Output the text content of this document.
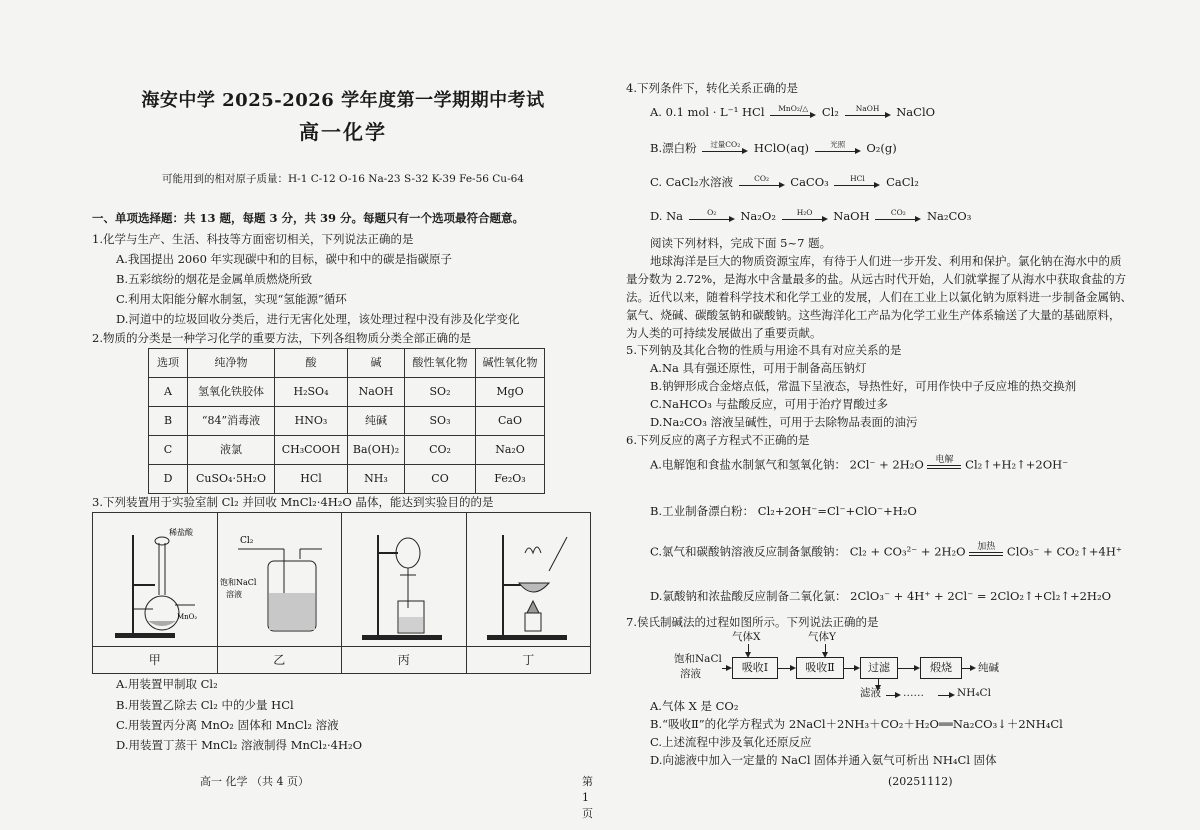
海安中学 2025-2026 学年度第一学期期中考试
高一化学
可能用到的相对原子质量：H-1 C-12 O-16 Na-23 S-32 K-39 Fe-56 Cu-64
一、单项选择题：共 13 题，每题 3 分，共 39 分。每题只有一个选项最符合题意。
1.化学与生产、生活、科技等方面密切相关，下列说法正确的是
A.我国提出 2060 年实现碳中和的目标，碳中和中的碳是指碳原子
B.五彩缤纷的烟花是金属单质燃烧所致
C.利用太阳能分解水制氢，实现“氢能源”循环
D.河道中的垃圾回收分类后，进行无害化处理，该处理过程中没有涉及化学变化
2.物质的分类是一种学习化学的重要方法，下列各组物质分类全部正确的是
选项	纯净物	酸	碱	酸性氧化物	碱性氧化物
A	氢氧化铁胶体	H₂SO₄	NaOH	SO₂	MgO
B	“84”消毒液	HNO₃	纯碱	SO₃	CaO
C	液氯	CH₃COOH	Ba(OH)₂	CO₂	Na₂O
D	CuSO₄·5H₂O	HCl	NH₃	CO	Fe₂O₃
3.下列装置用于实验室制 Cl₂ 并回收 MnCl₂·4H₂O 晶体，能达到实验目的的是
稀盐酸
MnO₂
甲
Cl₂
饱和NaCl
溶液
乙	丙	丁
A.用装置甲制取 Cl₂
B.用装置乙除去 Cl₂ 中的少量 HCl
C.用装置丙分离 MnO₂ 固体和 MnCl₂ 溶液
D.用装置丁蒸干 MnCl₂ 溶液制得 MnCl₂·4H₂O
高一 化学 （共 4 页）	第 1 页
4.下列条件下，转化关系正确的是
A. 0.1 mol · L⁻¹ HCl	MnO₂/△	Cl₂	NaOH	NaClO
B.漂白粉	过量CO₂	HClO(aq)	光照	O₂(g)
C. CaCl₂水溶液	CO₂	CaCO₃	HCl	CaCl₂
D. Na	O₂	Na₂O₂	H₂O	NaOH	CO₂	Na₂CO₃
阅读下列材料，完成下面 5~7 题。
地球海洋是巨大的物质资源宝库，有待于人们进一步开发、利用和保护。氯化钠在海水中的质
量分数为 2.72%，是海水中含量最多的盐。从远古时代开始，人们就掌握了从海水中获取食盐的方
法。近代以来，随着科学技术和化学工业的发展，人们在工业上以氯化钠为原料进一步制备金属钠、
氯气、烧碱、碳酸氢钠和碳酸钠。这些海洋化工产品为化学工业生产体系输送了大量的基础原料，
为人类的可持续发展做出了重要贡献。
5.下列钠及其化合物的性质与用途不具有对应关系的是
A.Na 具有强还原性，可用于制备高压钠灯
B.钠钾形成合金熔点低，常温下呈液态，导热性好，可用作快中子反应堆的热交换剂
C.NaHCO₃ 与盐酸反应，可用于治疗胃酸过多
D.Na₂CO₃ 溶液呈碱性，可用于去除物品表面的油污
6.下列反应的离子方程式不正确的是
A.电解饱和食盐水制氯气和氢氧化钠： 2Cl⁻ + 2H₂O	电解	Cl₂↑+H₂↑+2OH⁻
B.工业制备漂白粉： Cl₂+2OH⁻=Cl⁻+ClO⁻+H₂O
C.氯气和碳酸钠溶液反应制备氯酸钠： Cl₂ + CO₃²⁻ + 2H₂O	加热	ClO₃⁻ + CO₂↑+4H⁺
D.氯酸钠和浓盐酸反应制备二氧化氯： 2ClO₃⁻ + 4H⁺ + 2Cl⁻ = 2ClO₂↑+Cl₂↑+2H₂O
7.侯氏制碱法的过程如图所示。下列说法正确的是
气体X	气体Y
饱和NaCl
溶液	吸收Ⅰ	吸收Ⅱ	过滤	煅烧	纯碱
滤液 ……	NH₄Cl
A.气体 X 是 CO₂
B.“吸收Ⅱ”的化学方程式为 2NaCl＋2NH₃＋CO₂＋H₂O══Na₂CO₃↓＋2NH₄Cl
C.上述流程中涉及氧化还原反应
D.向滤液中加入一定量的 NaCl 固体并通入氨气可析出 NH₄Cl 固体
(20251112)
